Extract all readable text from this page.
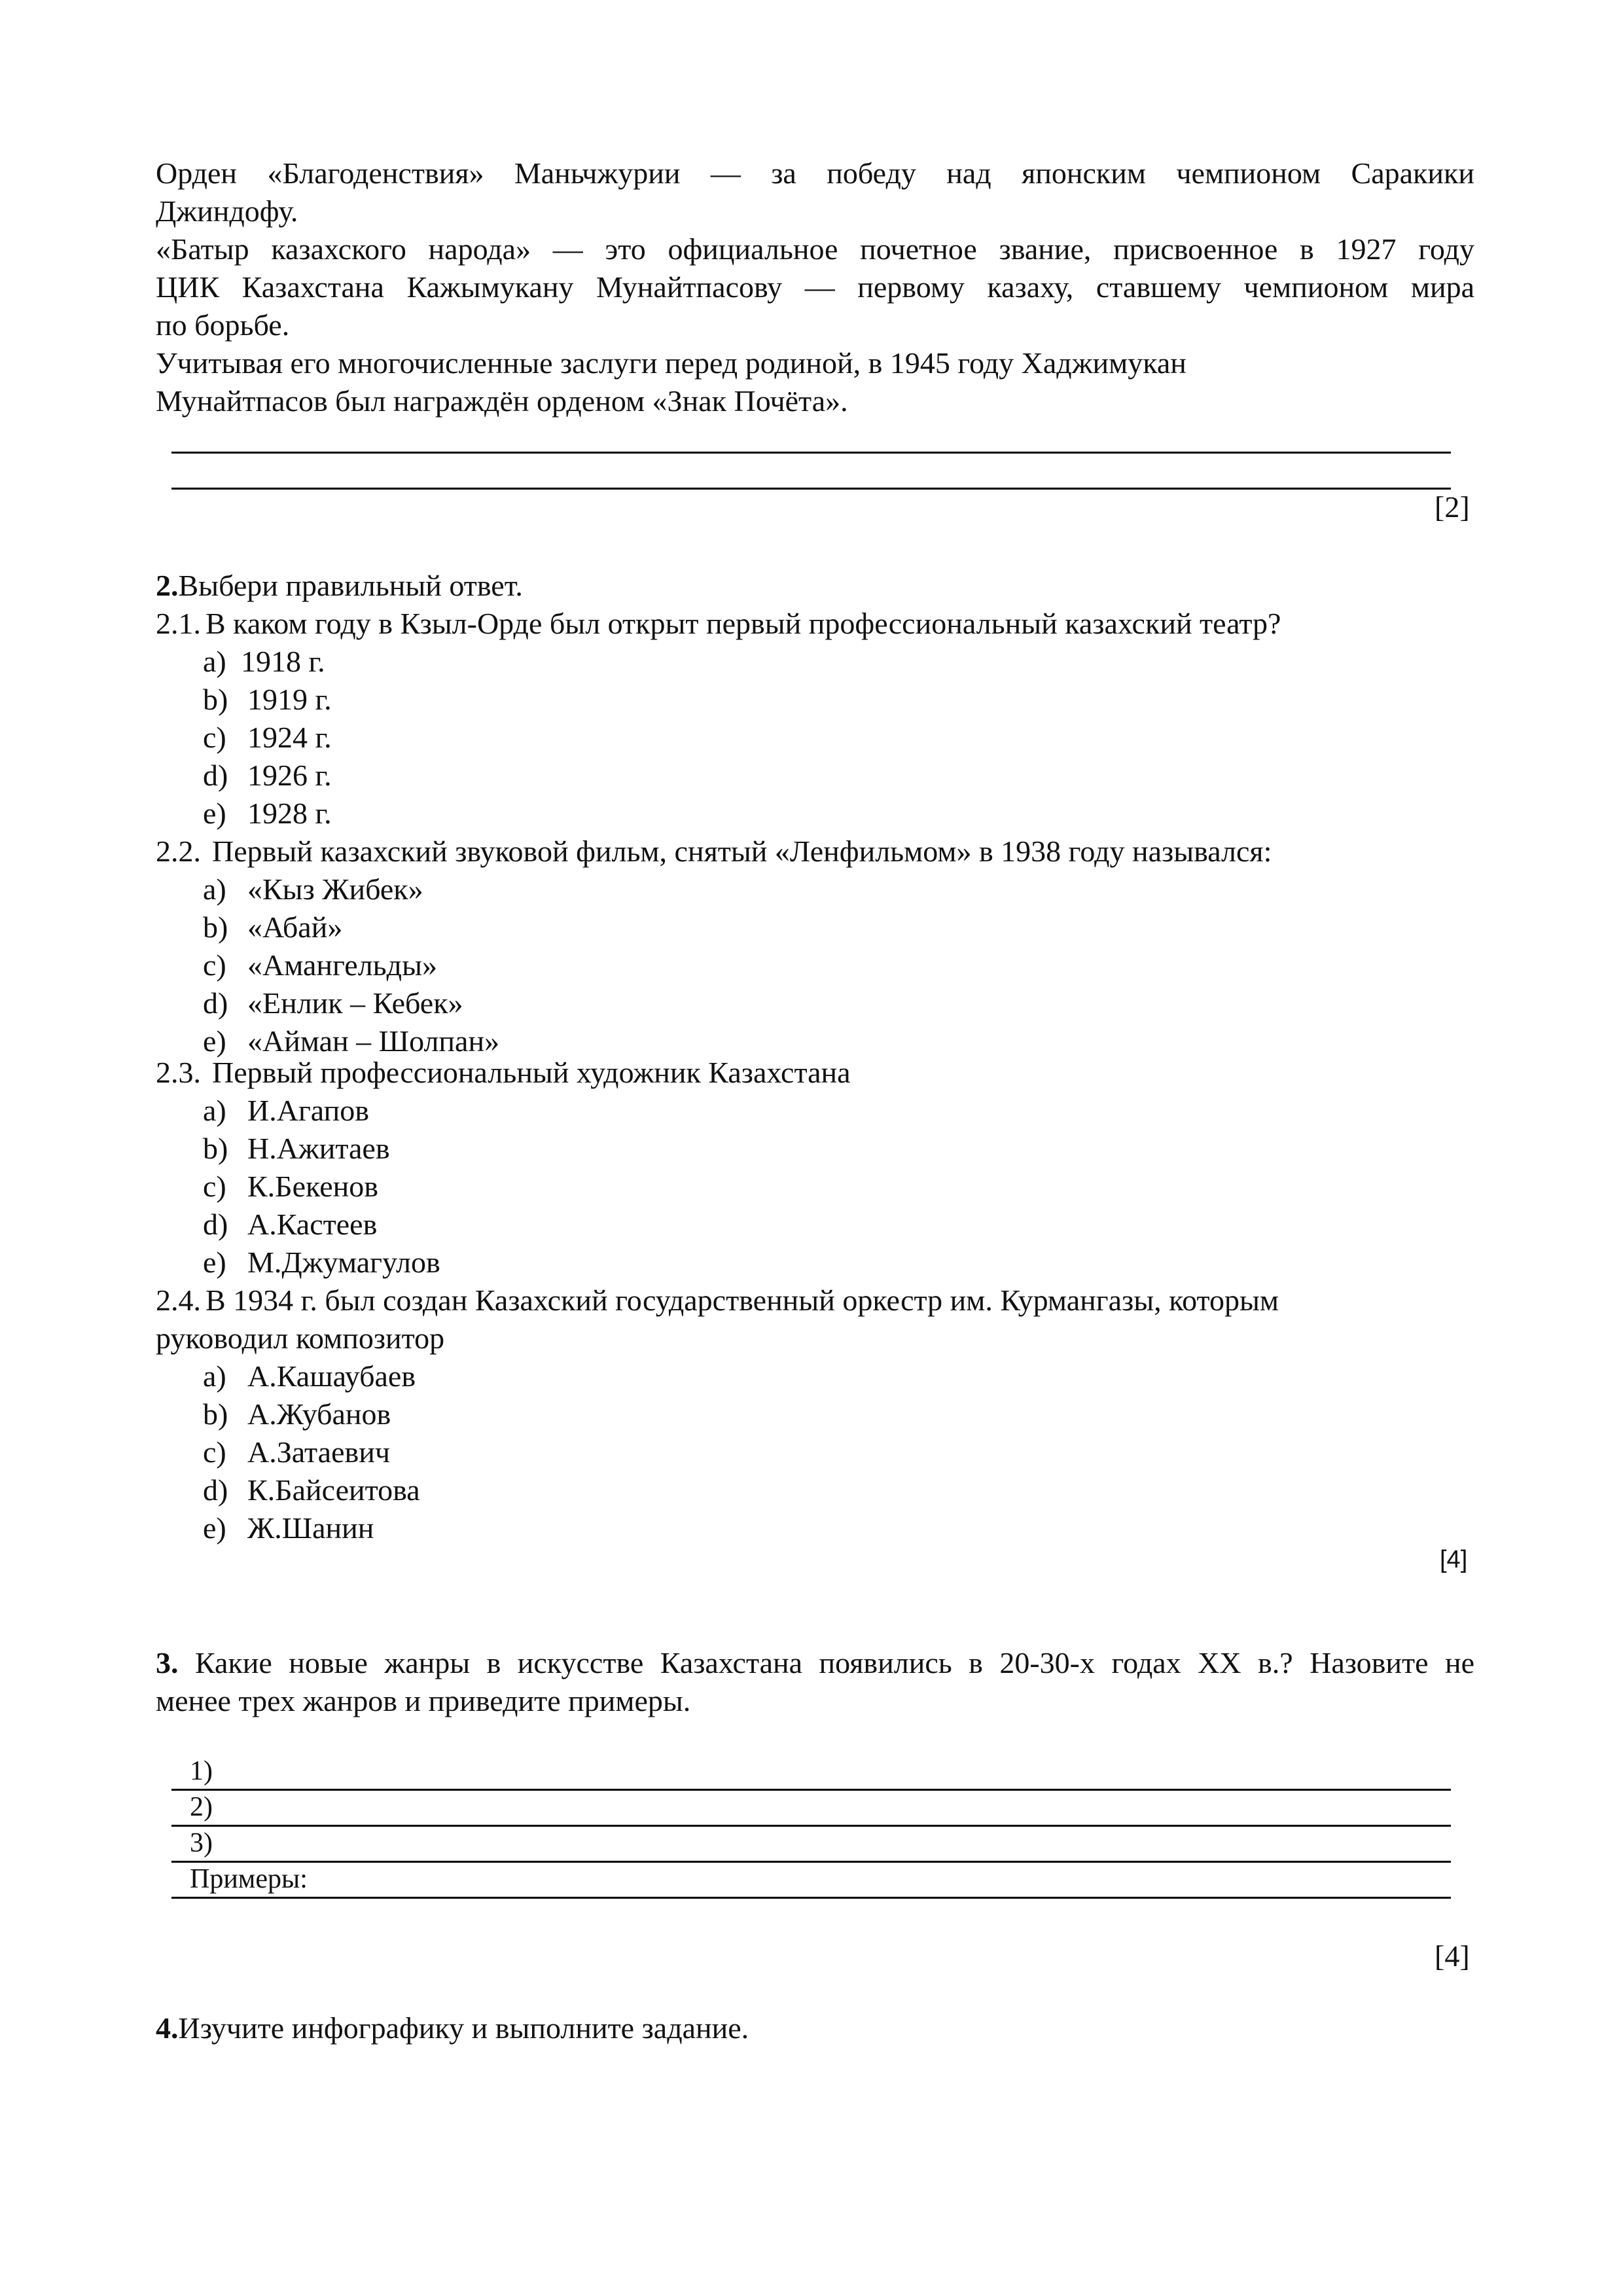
Орден «Благоденствия» Маньчжурии — за победу над японским чемпионом Саракики
Джиндофу.
«Батыр казахского народа» — это официальное почетное звание, присвоенное в 1927 году
ЦИК Казахстана Кажымукану Мунайтпасову — первому казаху, ставшему чемпионом мира
по борьбе.
Учитывая его многочисленные заслуги перед родиной, в 1945 году Хаджимукан
Мунайтпасов был награждён орденом «Знак Почёта».
[2]
2.Выбери правильный ответ.
2.1. В каком году в Кзыл-Орде был открыт первый профессиональный казахский театр?
a) 1918 г.
b) 1919 г.
c) 1924 г.
d) 1926 г.
e) 1928 г.
2.2. Первый казахский звуковой фильм, снятый «Ленфильмом» в 1938 году назывался:
a) «Кыз Жибек»
b) «Абай»
c) «Амангельды»
d) «Енлик – Кебек»
e) «Айман – Шолпан»
2.3. Первый профессиональный художник Казахстана
a) И.Агапов
b) Н.Ажитаев
c) К.Бекенов
d) А.Кастеев
e) М.Джумагулов
2.4. В 1934 г. был создан Казахский государственный оркестр им. Курмангазы, которым
руководил композитор
a) А.Кашаубаев
b) А.Жубанов
c) А.Затаевич
d) К.Байсеитова
e) Ж.Шанин
[4]
3. Какие новые жанры в искусстве Казахстана появились в 20-30-х годах XX в.? Назовите не
менее трех жанров и приведите примеры.
1)
2)
3)
Примеры:
[4]
4.Изучите инфографику и выполните задание.
